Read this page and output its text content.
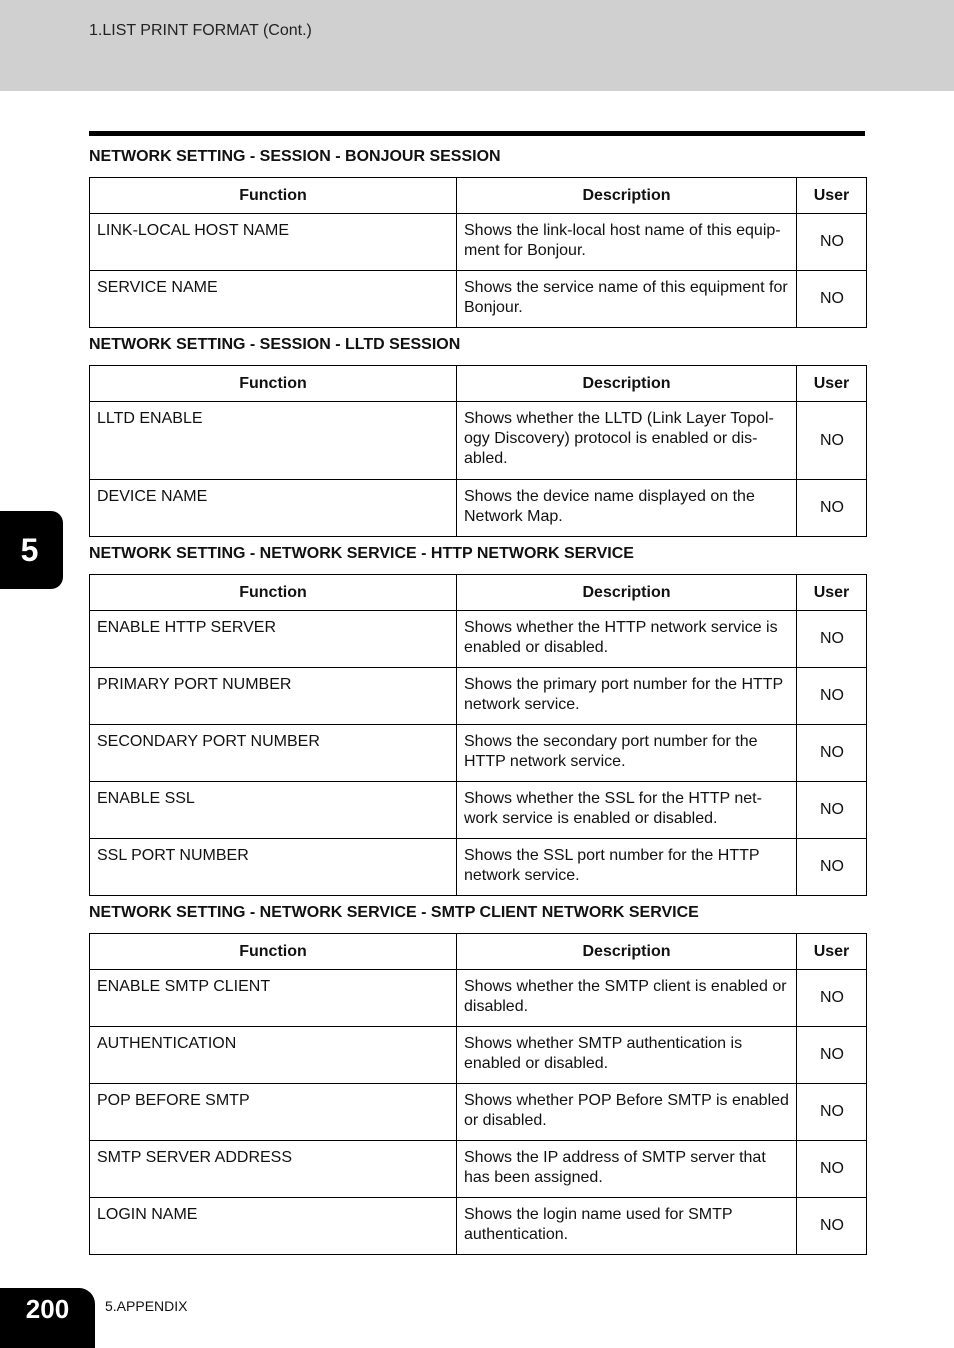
1.LIST PRINT FORMAT (Cont.)
NETWORK SETTING - SESSION - BONJOUR SESSION
Function	Description	User
LINK-LOCAL HOST NAME	Shows the link-local host name of this equip-ment for Bonjour.	NO
SERVICE NAME	Shows the service name of this equipment for Bonjour.	NO
NETWORK SETTING - SESSION - LLTD SESSION
Function	Description	User
LLTD ENABLE	Shows whether the LLTD (Link Layer Topol-ogy Discovery) protocol is enabled or dis-abled.	NO
DEVICE NAME	Shows the device name displayed on the Network Map.	NO
NETWORK SETTING - NETWORK SERVICE - HTTP NETWORK SERVICE
Function	Description	User
ENABLE HTTP SERVER	Shows whether the HTTP network service is enabled or disabled.	NO
PRIMARY PORT NUMBER	Shows the primary port number for the HTTP network service.	NO
SECONDARY PORT NUMBER	Shows the secondary port number for the HTTP network service.	NO
ENABLE SSL	Shows whether the SSL for the HTTP net-work service is enabled or disabled.	NO
SSL PORT NUMBER	Shows the SSL port number for the HTTP network service.	NO
NETWORK SETTING - NETWORK SERVICE - SMTP CLIENT NETWORK SERVICE
Function	Description	User
ENABLE SMTP CLIENT	Shows whether the SMTP client is enabled or disabled.	NO
AUTHENTICATION	Shows whether SMTP authentication is enabled or disabled.	NO
POP BEFORE SMTP	Shows whether POP Before SMTP is enabled or disabled.	NO
SMTP SERVER ADDRESS	Shows the IP address of SMTP server that has been assigned.	NO
LOGIN NAME	Shows the login name used for SMTP authentication.	NO
5
200	5.APPENDIX
